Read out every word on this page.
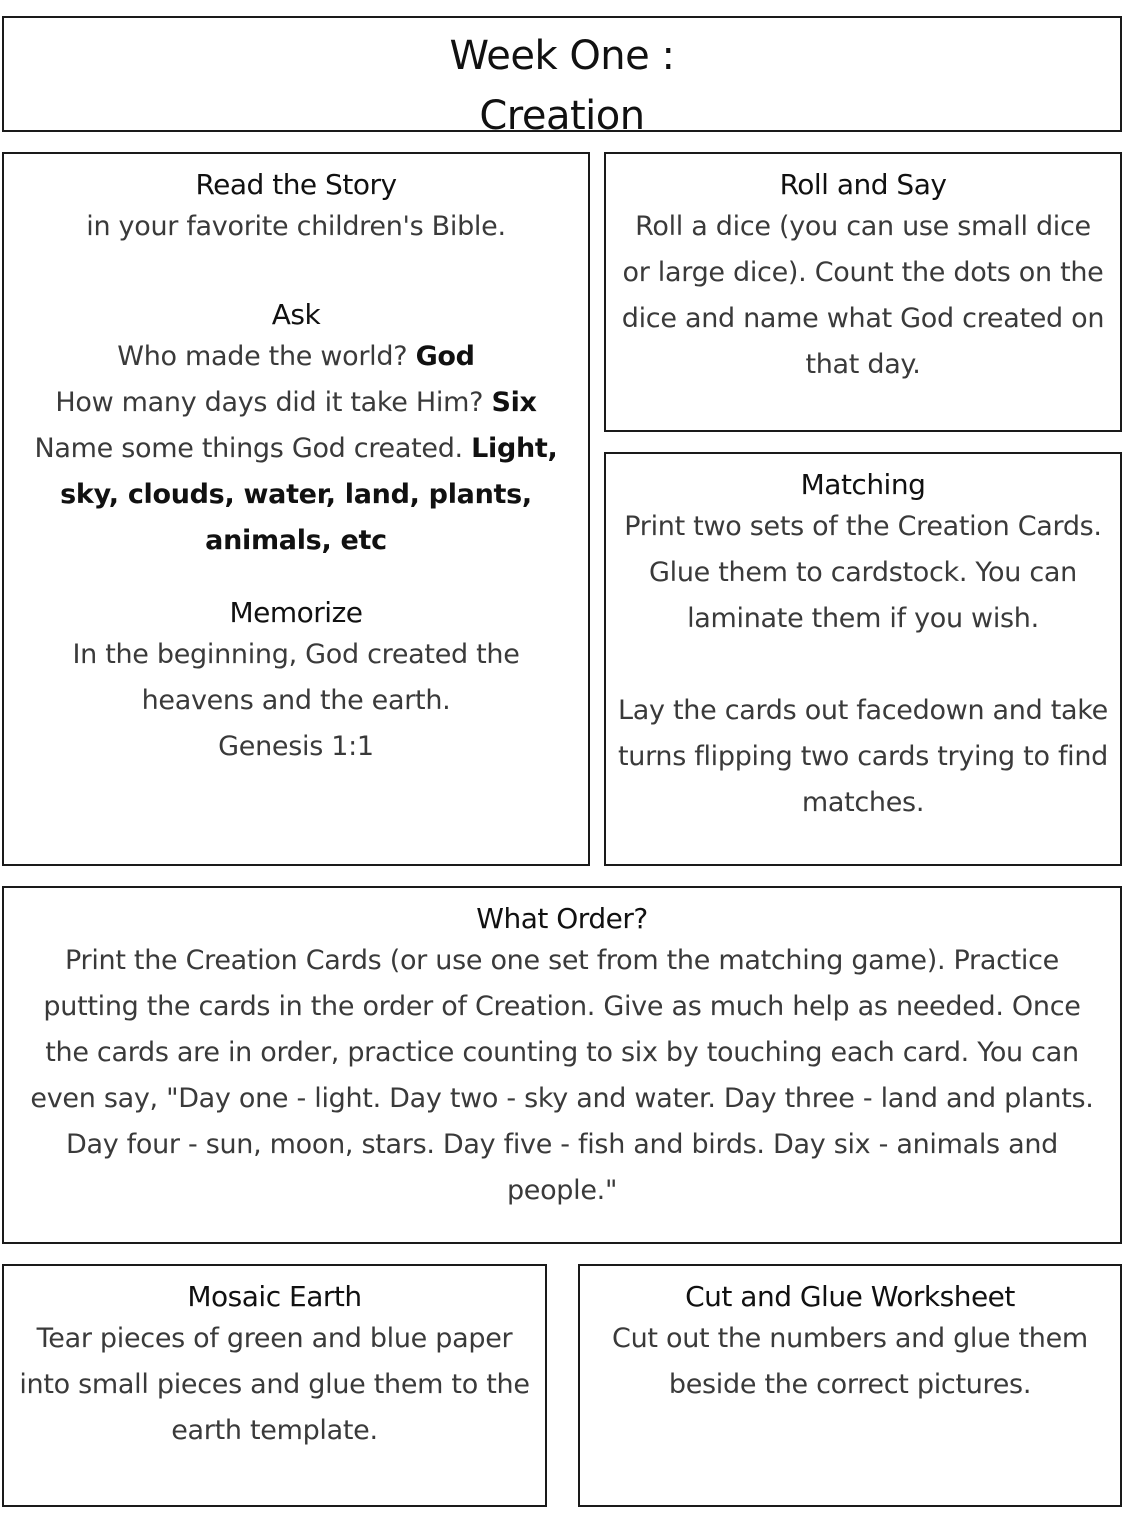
Week One :
Creation
Read the Story

in your favorite children's Bible.

Ask

Who made the world? God

How many days did it take Him? Six

Name some things God created. Light, sky, clouds, water, land, plants, animals, etc

Memorize

In the beginning, God created the

heavens and the earth.

Genesis 1:1

Roll and Say

Roll a dice (you can use small dice or large dice). Count the dots on the dice and name what God created on that day.

Matching

Print two sets of the Creation Cards. Glue them to cardstock. You can laminate them if you wish.

Lay the cards out facedown and take turns flipping two cards trying to find matches.

What Order?

Print the Creation Cards (or use one set from the matching game). Practice putting the cards in the order of Creation. Give as much help as needed. Once the cards are in order, practice counting to six by touching each card. You can even say, "Day one - light. Day two - sky and water. Day three - land and plants. Day four - sun, moon, stars. Day five - fish and birds. Day six - animals and people."

Mosaic Earth

Tear pieces of green and blue paper into small pieces and glue them to the earth template.

Cut and Glue Worksheet

Cut out the numbers and glue them beside the correct pictures.
